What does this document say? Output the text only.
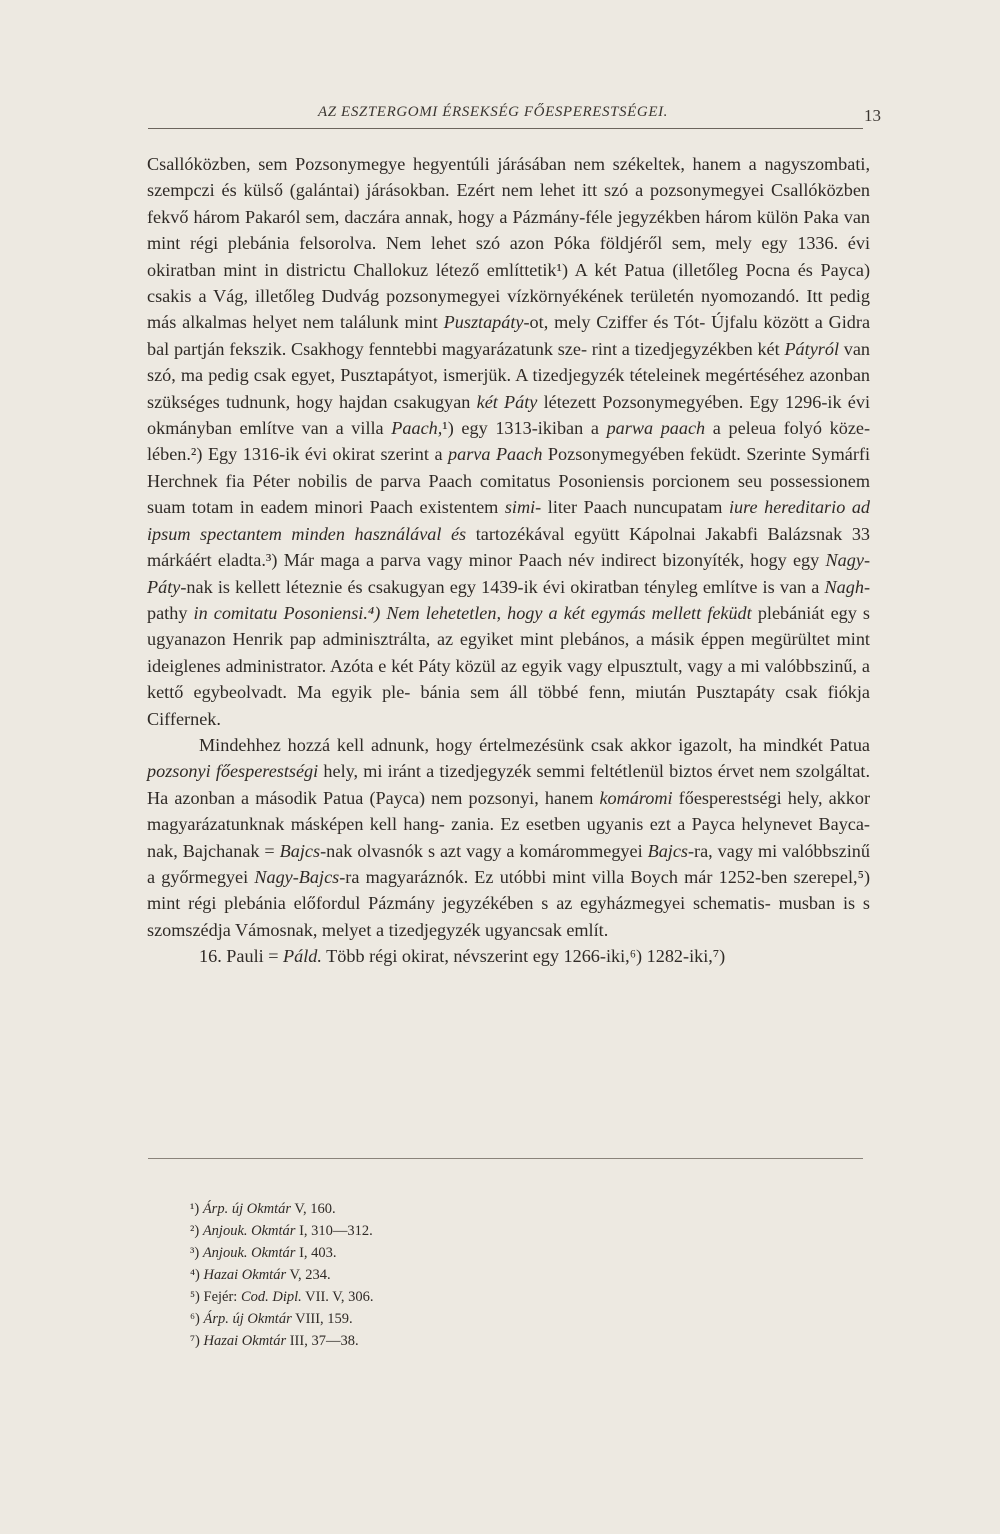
AZ ESZTERGOMI ÉRSEKSÉG FŐESPERESTSÉGEI.	13

Csallóközben, sem Pozsonymegye hegyentúli járásában nem székeltek, hanem a nagyszombati, szempczi és külső (galántai) járásokban. Ezért nem lehet itt szó a pozsonymegyei Csallóközben fekvő három Pakaról sem, daczára annak, hogy a Pázmány-féle jegyzékben három külön Paka van mint régi plebánia felsorolva. Nem lehet szó azon Póka földjéről sem, mely egy 1336. évi okiratban mint in districtu Challokuz létező említtetik¹) A két Patua (illetőleg Pocna és Payca) csakis a Vág, illetőleg Dudvág pozsonymegyei vízkörnyékének területén nyomozandó. Itt pedig más alkalmas helyet nem találunk mint Pusztapáty-ot, mely Cziffer és Tót- Újfalu között a Gidra bal partján fekszik. Csakhogy fenntebbi magyarázatunk sze- rint a tizedjegyzékben két Pátyról van szó, ma pedig csak egyet, Pusztapátyot, ismerjük. A tizedjegyzék tételeinek megértéséhez azonban szükséges tudnunk, hogy hajdan csakugyan két Páty létezett Pozsonymegyében. Egy 1296-ik évi okmányban említve van a villa Paach,¹) egy 1313-ikiban a parwa paach a peleua folyó köze- lében.²) Egy 1316-ik évi okirat szerint a parva Paach Pozsonymegyében feküdt. Szerinte Symárfi Herchnek fia Péter nobilis de parva Paach comitatus Posoniensis porcionem seu possessionem suam totam in eadem minori Paach existentem simi- liter Paach nuncupatam iure hereditario ad ipsum spectantem minden használával és tartozékával együtt Kápolnai Jakabfi Balázsnak 33 márkáért eladta.³) Már maga a parva vagy minor Paach név indirect bizonyíték, hogy egy Nagy-Páty-nak is kellett léteznie és csakugyan egy 1439-ik évi okiratban tényleg említve is van a Nagh- pathy in comitatu Posoniensi.⁴) Nem lehetetlen, hogy a két egymás mellett feküdt plebániát egy s ugyanazon Henrik pap adminisztrálta, az egyiket mint plebános, a másik éppen megürültet mint ideiglenes administrator. Azóta e két Páty közül az egyik vagy elpusztult, vagy a mi valóbbszinű, a kettő egybeolvadt. Ma egyik ple- bánia sem áll többé fenn, miután Pusztapáty csak fiókja Ciffernek.

Mindehhez hozzá kell adnunk, hogy értelmezésünk csak akkor igazolt, ha mindkét Patua pozsonyi főesperestségi hely, mi iránt a tizedjegyzék semmi feltétlenül biztos érvet nem szolgáltat. Ha azonban a második Patua (Payca) nem pozsonyi, hanem komáromi főesperestségi hely, akkor magyarázatunknak másképen kell hang- zania. Ez esetben ugyanis ezt a Payca helynevet Bayca-nak, Bajchanak = Bajcs-nak olvasnók s azt vagy a komárommegyei Bajcs-ra, vagy mi valóbbszinű a győrmegyei Nagy-Bajcs-ra magyaráznók. Ez utóbbi mint villa Boych már 1252-ben szerepel,⁵) mint régi plebánia előfordul Pázmány jegyzékében s az egyházmegyei schematis- musban is s szomszédja Vámosnak, melyet a tizedjegyzék ugyancsak említ.

16. Pauli = Páld. Több régi okirat, névszerint egy 1266-iki,⁶) 1282-iki,⁷)

¹) Árp. új Okmtár V, 160.
²) Anjouk. Okmtár I, 310—312.
³) Anjouk. Okmtár I, 403.
⁴) Hazai Okmtár V, 234.
⁵) Fejér: Cod. Dipl. VII. V, 306.
⁶) Árp. új Okmtár VIII, 159.
⁷) Hazai Okmtár III, 37—38.
